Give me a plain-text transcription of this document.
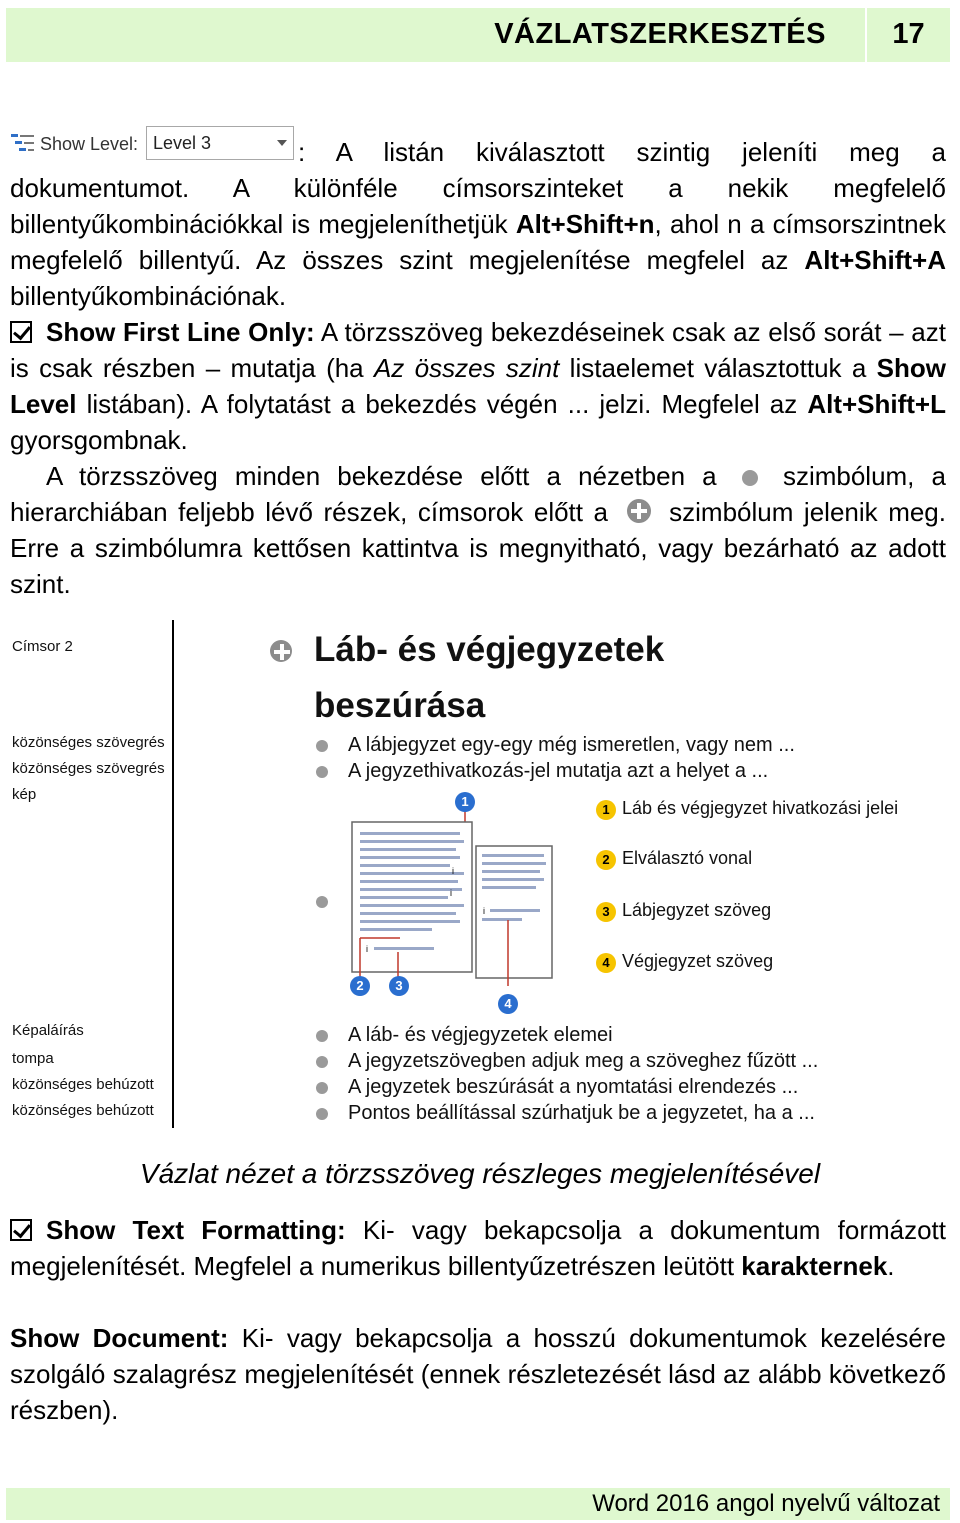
VÁZLATSZERKESZTÉS	17
Show Level: Level 3	: A listán kiválasztott szintig jeleníti meg a dokumentumot. A különféle címsorszinteket a nekik megfelelő billentyűkombinációkkal is megjeleníthetjük Alt+Shift+n, ahol n a címsorszintnek megfelelő billentyű. Az összes szint megjelenítése megfelel az Alt+Shift+A billentyűkombinációnak.
Show First Line Only: A törzsszöveg bekezdéseinek csak az első sorát – azt is csak részben – mutatja (ha Az összes szint listaelemet választottuk a Show Level listában). A folytatást a bekezdés végén ... jelzi. Megfelel az Alt+Shift+L gyorsgombnak.
A törzsszöveg minden bekezdése előtt a nézetben a	szimbólum, a hierarchiában feljebb lévő részek, címsorok előtt a szimbólum jelenik meg. Erre a szimbólumra kettősen kattintva is megnyitható, vagy bezárható az adott szint.
Címsor 2
közönséges szövegrés
közönséges szövegrés
kép
Képaláírás
tompa
közönséges behúzott
közönséges behúzott
Láb- és végjegyzetek
beszúrása
A lábjegyzet egy-egy még ismeretlen, vagy nem ...
A jegyzethivatkozás-jel mutatja azt a helyet a ...
i
i
i
i
1
2	3
4
1 Láb és végjegyzet hivatkozási jelei
2 Elválasztó vonal
3 Lábjegyzet szöveg
4 Végjegyzet szöveg
A láb- és végjegyzetek elemei
A jegyzetszövegben adjuk meg a szöveghez fűzött ...
A jegyzetek beszúrását a nyomtatási elrendezés ...
Pontos beállítással szúrhatjuk be a jegyzetet, ha a ...
Vázlat nézet a törzsszöveg részleges megjelenítésével
Show Text Formatting: Ki- vagy bekapcsolja a dokumentum formázott megjelenítését. Megfelel a numerikus billentyűzetrészen leütött karakternek.
Show Document: Ki- vagy bekapcsolja a hosszú dokumentumok kezelésére szolgáló szalagrész megjelenítését (ennek részletezését lásd az alább következő részben).
Word 2016 angol nyelvű változat
